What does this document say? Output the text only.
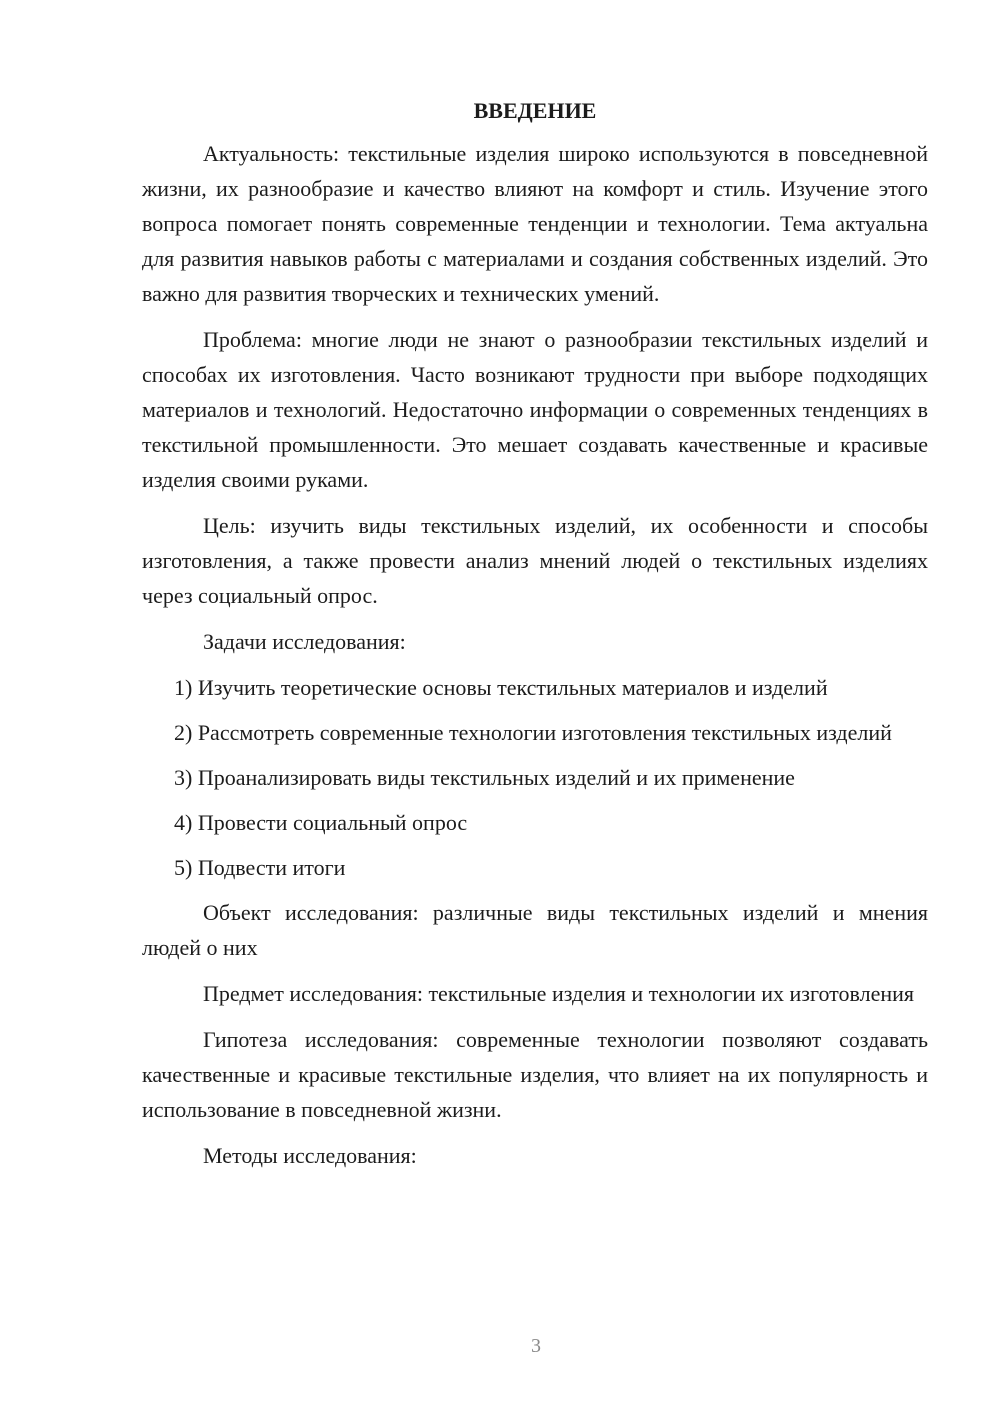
ВВЕДЕНИЕ

Актуальность: текстильные изделия широко используются в повседневной жизни, их разнообразие и качество влияют на комфорт и стиль. Изучение этого вопроса помогает понять современные тенденции и технологии. Тема актуальна для развития навыков работы с материалами и создания собственных изделий. Это важно для развития творческих и технических умений.

Проблема: многие люди не знают о разнообразии текстильных изделий и способах их изготовления. Часто возникают трудности при выборе подходящих материалов и технологий. Недостаточно информации о современных тенденциях в текстильной промышленности. Это мешает создавать качественные и красивые изделия своими руками.

Цель: изучить виды текстильных изделий, их особенности и способы изготовления, а также провести анализ мнений людей о текстильных изделиях через социальный опрос.

Задачи исследования:

1) Изучить теоретические основы текстильных материалов и изделий
2) Рассмотреть современные технологии изготовления текстильных изделий
3) Проанализировать виды текстильных изделий и их применение
4) Провести социальный опрос
5) Подвести итоги

Объект исследования: различные виды текстильных изделий и мнения людей о них

Предмет исследования: текстильные изделия и технологии их изготовления

Гипотеза исследования: современные технологии позволяют создавать качественные и красивые текстильные изделия, что влияет на их популярность и использование в повседневной жизни.

Методы исследования:

3
